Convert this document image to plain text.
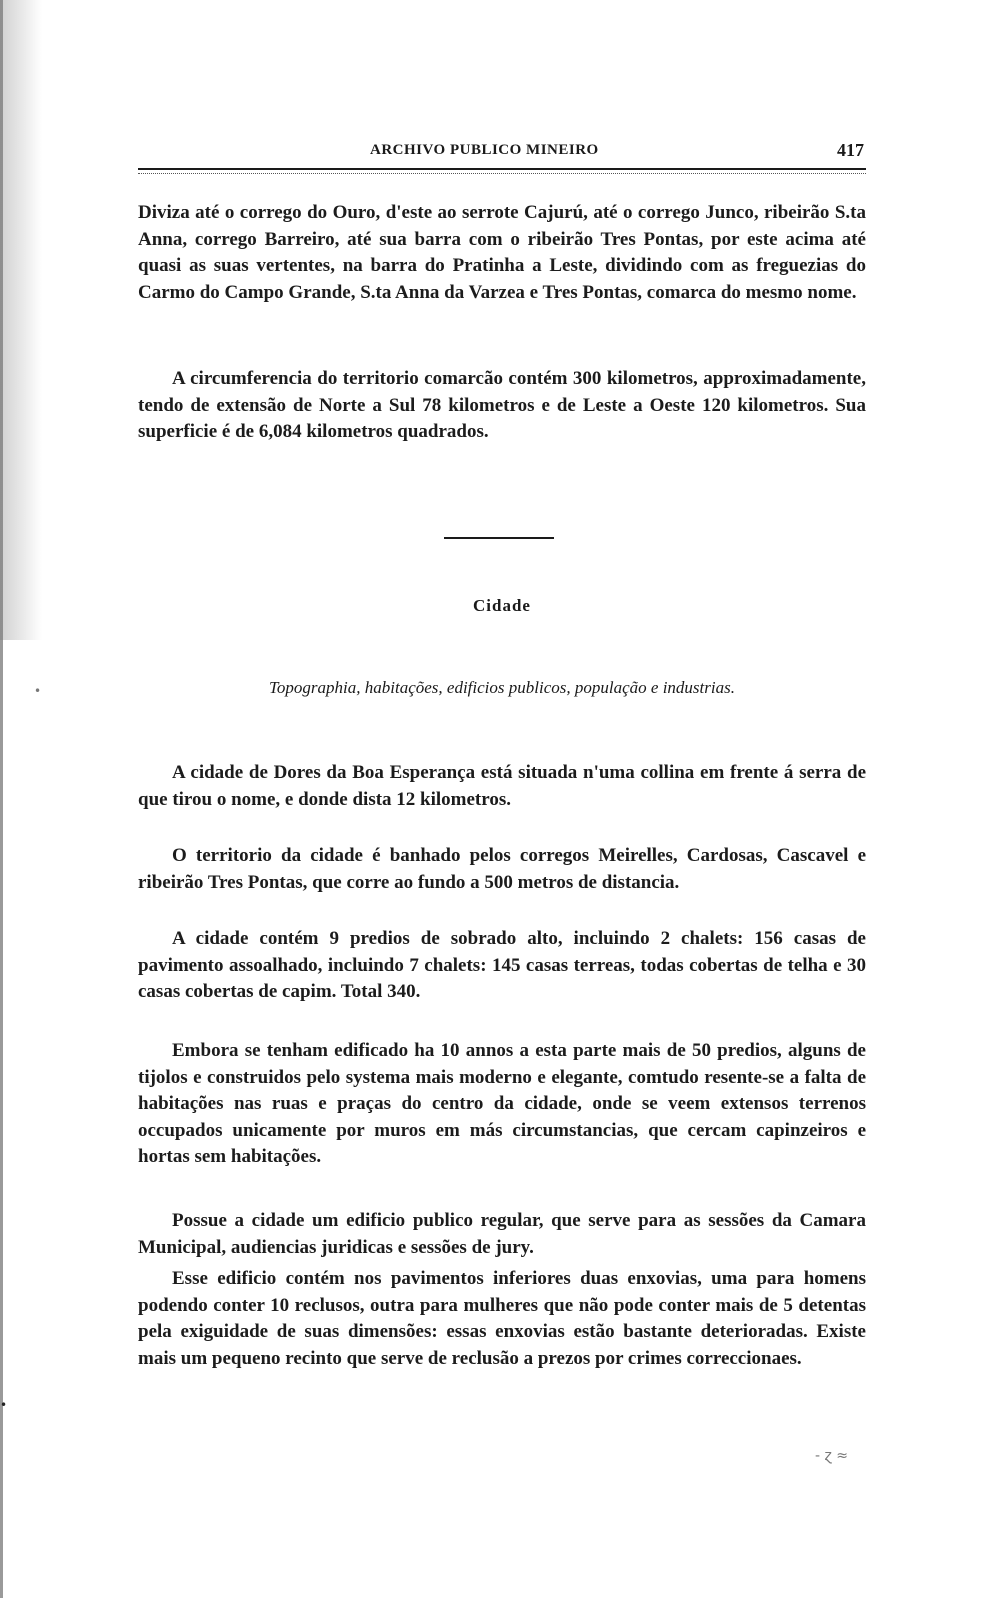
ARCHIVO PUBLICO MINEIRO	417

Diviza até o corrego do Ouro, d'este ao serrote Cajurú, até o corrego Junco, ribeirão S.ta Anna, corrego Barreiro, até sua barra com o ribeirão Tres Pontas, por este acima até quasi as suas vertentes, na barra do Pratinha a Leste, dividindo com as freguezias do Carmo do Campo Grande, S.ta Anna da Varzea e Tres Pontas, comarca do mesmo nome.

A circumferencia do territorio comarcão contém 300 kilometros, approximadamente, tendo de extensão de Norte a Sul 78 kilometros e de Leste a Oeste 120 kilometros. Sua superficie é de 6,084 kilometros quadrados.

Cidade
Topographia, habitações, edificios publicos, população e industrias.

A cidade de Dores da Boa Esperança está situada n'uma collina em frente á serra de que tirou o nome, e donde dista 12 kilometros.

O territorio da cidade é banhado pelos corregos Meirelles, Cardosas, Cascavel e ribeirão Tres Pontas, que corre ao fundo a 500 metros de distancia.

A cidade contém 9 predios de sobrado alto, incluindo 2 chalets: 156 casas de pavimento assoalhado, incluindo 7 chalets: 145 casas terreas, todas cobertas de telha e 30 casas cobertas de capim. Total 340.

Embora se tenham edificado ha 10 annos a esta parte mais de 50 predios, alguns de tijolos e construidos pelo systema mais moderno e elegante, comtudo resente-se a falta de habitações nas ruas e praças do centro da cidade, onde se veem extensos terrenos occupados unicamente por muros em más circumstancias, que cercam capinzeiros e hortas sem habitações.

Possue a cidade um edificio publico regular, que serve para as sessões da Camara Municipal, audiencias juridicas e sessões de jury.

Esse edificio contém nos pavimentos inferiores duas enxovias, uma para homens podendo conter 10 reclusos, outra para mulheres que não pode conter mais de 5 detentas pela exiguidade de suas dimensões: essas enxovias estão bastante deterioradas. Existe mais um pequeno recinto que serve de reclusão a prezos por crimes correccionaes.

•
•
- ɀ ≈
